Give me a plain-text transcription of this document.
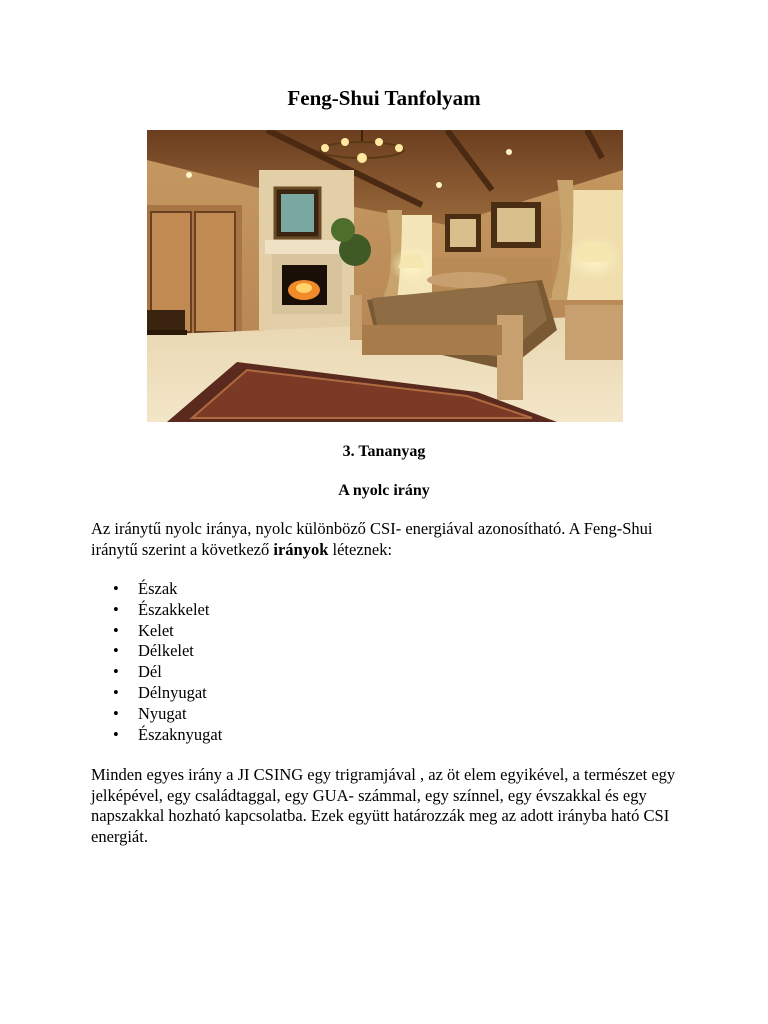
Feng-Shui Tanfolyam
3. Tananyag
A nyolc irány

Az iránytű nyolc iránya, nyolc különböző CSI- energiával azonosítható. A Feng-Shui iránytű szerint a következő irányok léteznek:

• Észak
• Északkelet
• Kelet
• Délkelet
• Dél
• Délnyugat
• Nyugat
• Északnyugat

Minden egyes irány a JI CSING egy trigramjával , az öt elem egyikével, a természet egy jelképével, egy családtaggal, egy GUA- számmal, egy színnel, egy évszakkal és egy napszakkal hozható kapcsolatba. Ezek együtt határozzák meg az adott irányba ható CSI energiát.
